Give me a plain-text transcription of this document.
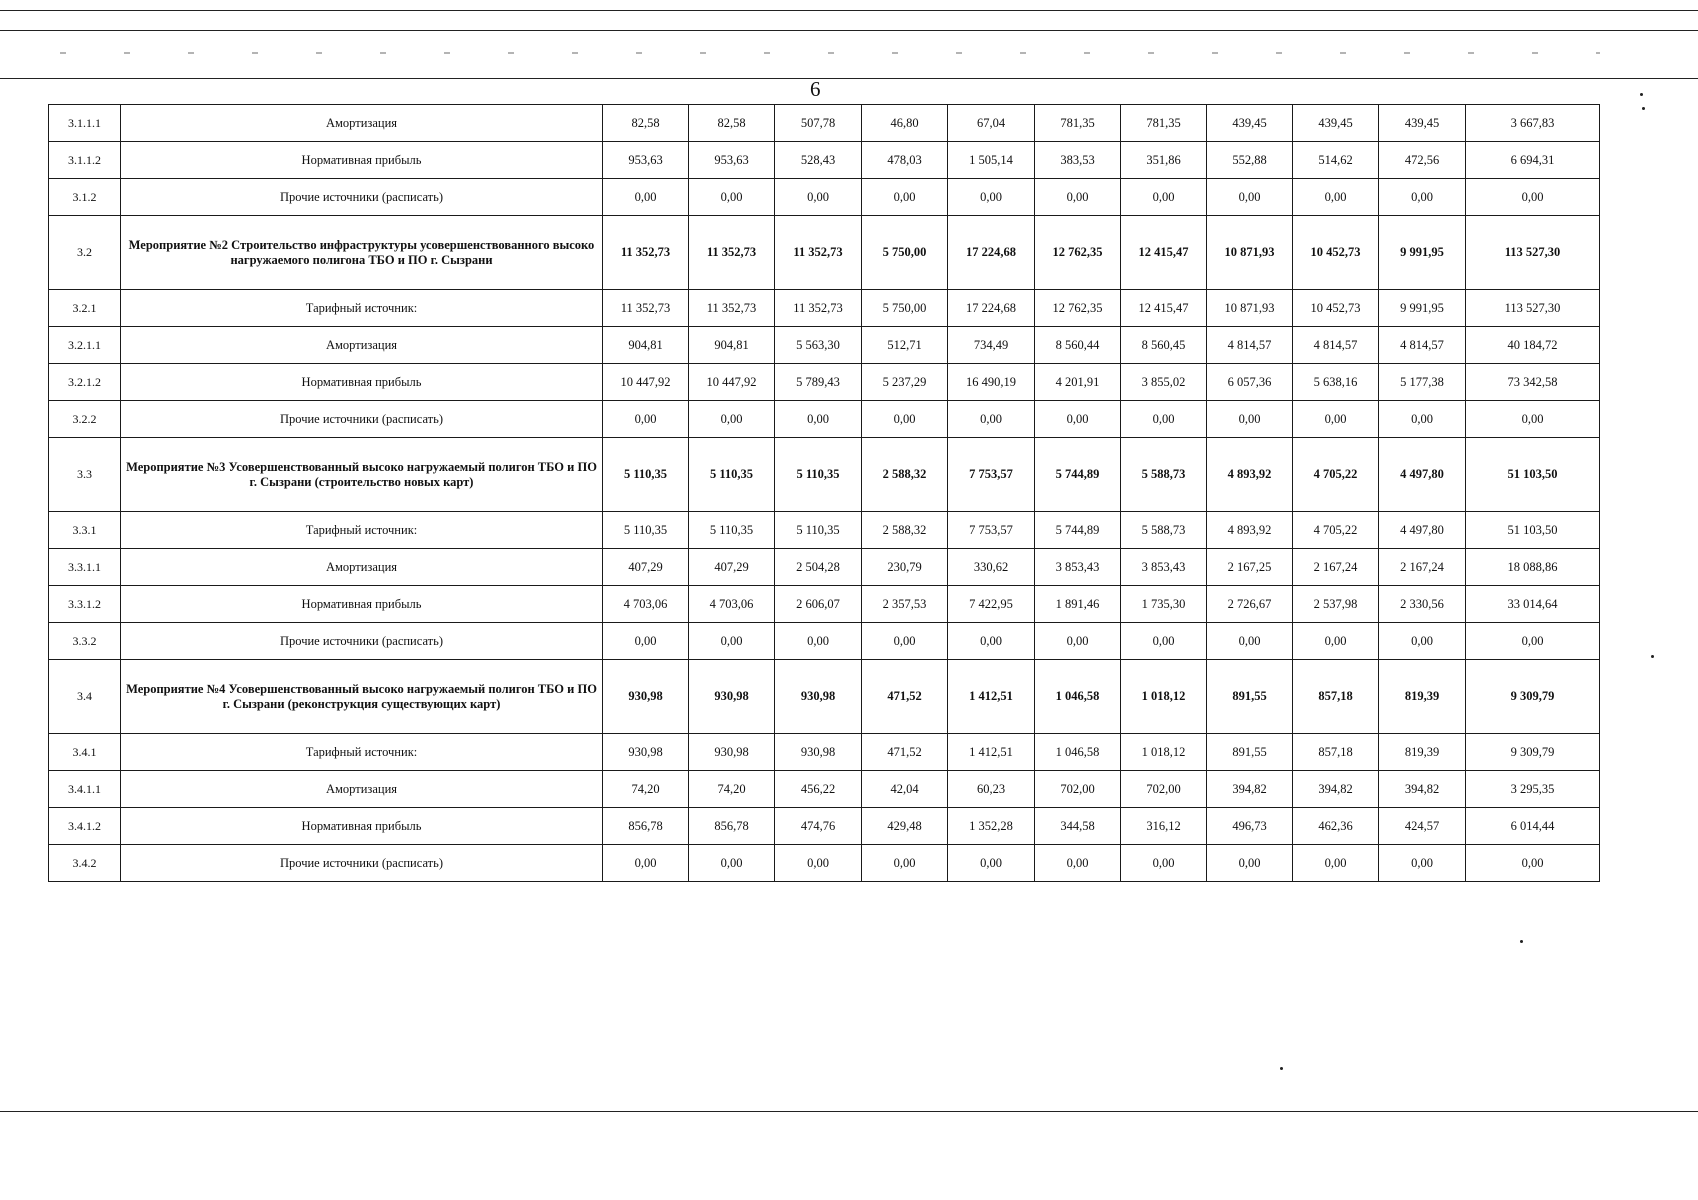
6
3.1.1.1	Амортизация	82,58	82,58	507,78	46,80	67,04	781,35	781,35	439,45	439,45	439,45	3 667,83
3.1.1.2	Нормативная прибыль	953,63	953,63	528,43	478,03	1 505,14	383,53	351,86	552,88	514,62	472,56	6 694,31
3.1.2	Прочие источники (расписать)	0,00	0,00	0,00	0,00	0,00	0,00	0,00	0,00	0,00	0,00	0,00
3.2	Мероприятие №2 Строительство инфраструктуры усовершенствованного высоко нагружаемого полигона ТБО и ПО г. Сызрани	11 352,73	11 352,73	11 352,73	5 750,00	17 224,68	12 762,35	12 415,47	10 871,93	10 452,73	9 991,95	113 527,30
3.2.1	Тарифный источник:	11 352,73	11 352,73	11 352,73	5 750,00	17 224,68	12 762,35	12 415,47	10 871,93	10 452,73	9 991,95	113 527,30
3.2.1.1	Амортизация	904,81	904,81	5 563,30	512,71	734,49	8 560,44	8 560,45	4 814,57	4 814,57	4 814,57	40 184,72
3.2.1.2	Нормативная прибыль	10 447,92	10 447,92	5 789,43	5 237,29	16 490,19	4 201,91	3 855,02	6 057,36	5 638,16	5 177,38	73 342,58
3.2.2	Прочие источники (расписать)	0,00	0,00	0,00	0,00	0,00	0,00	0,00	0,00	0,00	0,00	0,00
3.3	Мероприятие №3 Усовершенствованный высоко нагружаемый полигон ТБО и ПО г. Сызрани (строительство новых карт)	5 110,35	5 110,35	5 110,35	2 588,32	7 753,57	5 744,89	5 588,73	4 893,92	4 705,22	4 497,80	51 103,50
3.3.1	Тарифный источник:	5 110,35	5 110,35	5 110,35	2 588,32	7 753,57	5 744,89	5 588,73	4 893,92	4 705,22	4 497,80	51 103,50
3.3.1.1	Амортизация	407,29	407,29	2 504,28	230,79	330,62	3 853,43	3 853,43	2 167,25	2 167,24	2 167,24	18 088,86
3.3.1.2	Нормативная прибыль	4 703,06	4 703,06	2 606,07	2 357,53	7 422,95	1 891,46	1 735,30	2 726,67	2 537,98	2 330,56	33 014,64
3.3.2	Прочие источники (расписать)	0,00	0,00	0,00	0,00	0,00	0,00	0,00	0,00	0,00	0,00	0,00
3.4	Мероприятие №4 Усовершенствованный высоко нагружаемый полигон ТБО и ПО г. Сызрани (реконструкция существующих карт)	930,98	930,98	930,98	471,52	1 412,51	1 046,58	1 018,12	891,55	857,18	819,39	9 309,79
3.4.1	Тарифный источник:	930,98	930,98	930,98	471,52	1 412,51	1 046,58	1 018,12	891,55	857,18	819,39	9 309,79
3.4.1.1	Амортизация	74,20	74,20	456,22	42,04	60,23	702,00	702,00	394,82	394,82	394,82	3 295,35
3.4.1.2	Нормативная прибыль	856,78	856,78	474,76	429,48	1 352,28	344,58	316,12	496,73	462,36	424,57	6 014,44
3.4.2	Прочие источники (расписать)	0,00	0,00	0,00	0,00	0,00	0,00	0,00	0,00	0,00	0,00	0,00
